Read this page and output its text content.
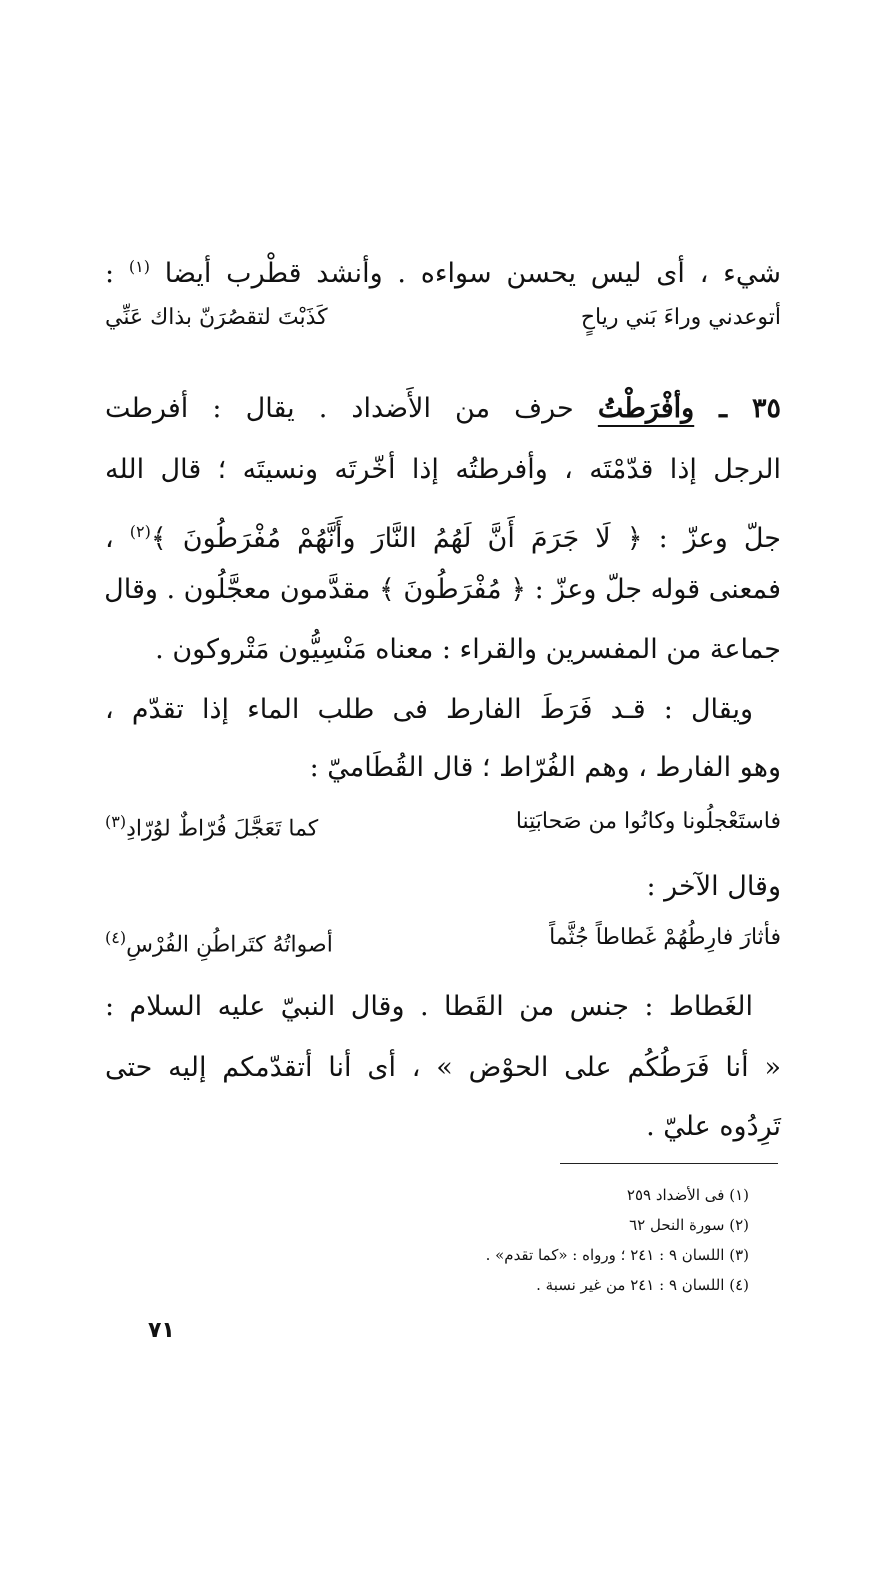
شيء ، أى ليس يحسن سواءه . وأنشد قطْرب أيضا $^{(١)}$ :
أتوعدني وراءَ بَني رياحٍ
كَذَبْتَ لتقصُرَنّ بذاك عَنِّي
٣٥ ـ وأفْرَطْتُ حرف من الأَضداد . يقال : أفرطت
الرجل إذا قدّمْتَه ، وأفرطتُه إذا أخّرتَه ونسيتَه ؛ قال الله
جلّ وعزّ : ﴿ لَا جَرَمَ أَنَّ لَهُمُ النَّارَ وأَنَّهُمْ مُفْرَطُونَ ﴾$^{(٢)}$ ،
فمعنى قوله جلّ وعزّ : ﴿ مُفْرَطُونَ ﴾ مقدَّمون معجَّلُون . وقال
جماعة من المفسرين والقراء : معناه مَنْسِيُّون مَتْروكون .
ويقال : قـد فَرَطَ الفارط فى طلب الماء إذا تقدّم ،
وهو الفارط ، وهم الفُرّاط ؛ قال القُطَاميّ :
فاستَعْجلُونا وكانُوا من صَحابَتِنا
كما تَعَجَّلَ فُرّاطٌ لوُرّادِ$^{(٣)}$
وقال الآخر :
فأثارَ فارِطُهُمْ غَطاطاً جُثَّماً
أصواتُهُ كتَراطُنِ الفُرْسِ$^{(٤)}$
الغَطاط : جنس من القَطا . وقال النبيّ عليه السلام :
« أنا فَرَطُكُم على الحوْض » ، أى أنا أتقدّمكم إليه حتى
تَرِدُوه عليّ .
(١) فى الأضداد ٢٥٩
(٢) سورة النحل ٦٢
(٣) اللسان ٩ : ٢٤١ ؛ ورواه : «كما تقدم» .
(٤) اللسان ٩ : ٢٤١ من غير نسبة .
٧١
